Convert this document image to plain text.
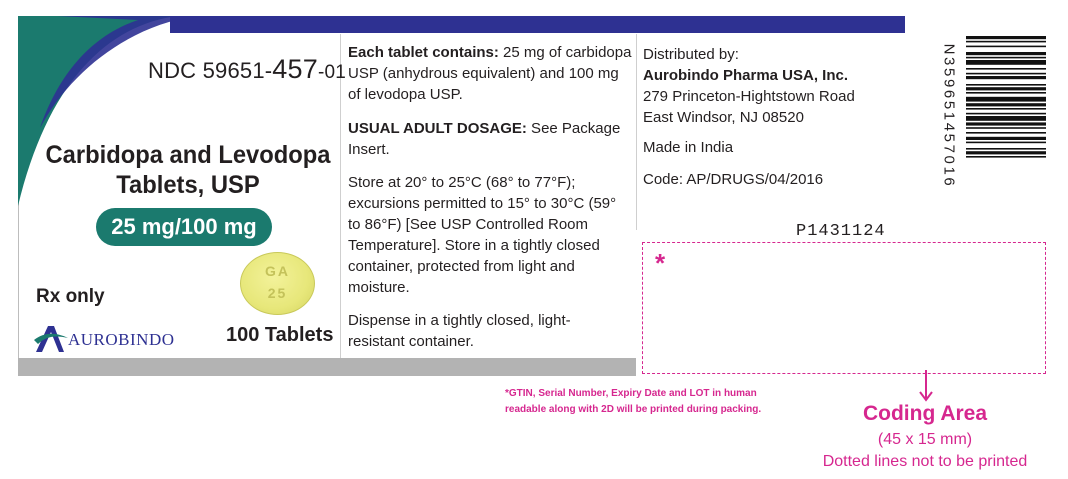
NDC 59651-457-01
Carbidopa and Levodopa
Tablets, USP
25 mg/100 mg
Rx only
GA
25
AUROBINDO	100 Tablets
Each tablet contains: 25 mg of carbidopa USP (anhydrous equivalent) and 100 mg of levodopa USP.
USUAL ADULT DOSAGE: See Package Insert.
Store at 20° to 25°C (68° to 77°F); excursions permitted to 15° to 30°C (59° to 86°F) [See USP Controlled Room Temperature]. Store in a tightly closed container, protected from light and moisture.
Dispense in a tightly closed, light-resistant container.
Distributed by:
Aurobindo Pharma USA, Inc.
279 Princeton-Hightstown Road
East Windsor, NJ 08520
Made in India
Code: AP/DRUGS/04/2016	N359651457016
P1431124
*
*GTIN, Serial Number, Expiry Date and LOT in human
readable along with 2D will be printed during packing.	Coding Area
(45 x 15 mm)
Dotted lines not to be printed
